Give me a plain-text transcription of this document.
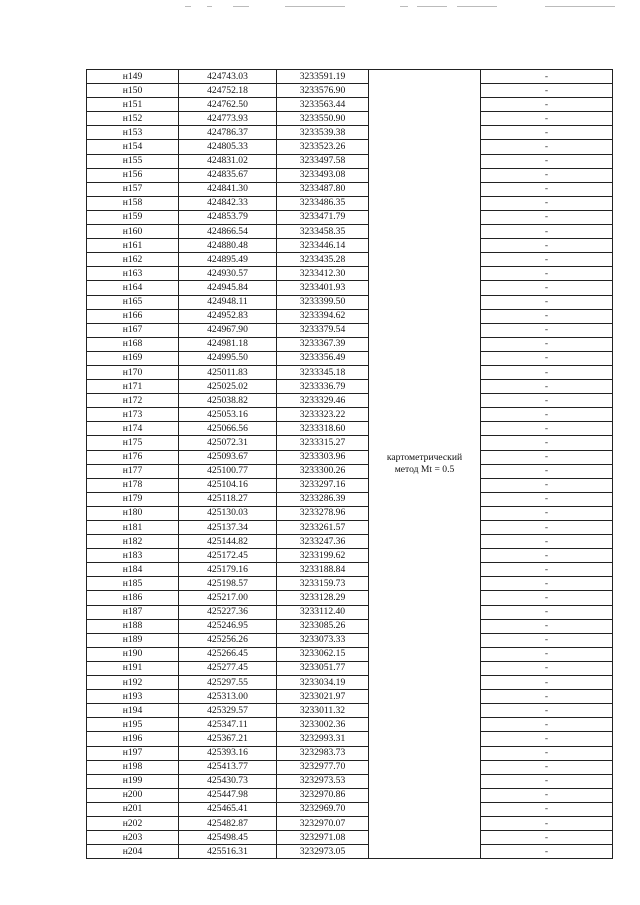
н149	424743.03	3233591.19	картометрический
метод Mt = 0.5	-
н150	424752.18	3233576.90		-
н151	424762.50	3233563.44		-
н152	424773.93	3233550.90		-
н153	424786.37	3233539.38		-
н154	424805.33	3233523.26		-
н155	424831.02	3233497.58		-
н156	424835.67	3233493.08		-
н157	424841.30	3233487.80		-
н158	424842.33	3233486.35		-
н159	424853.79	3233471.79		-
н160	424866.54	3233458.35		-
н161	424880.48	3233446.14		-
н162	424895.49	3233435.28		-
н163	424930.57	3233412.30		-
н164	424945.84	3233401.93		-
н165	424948.11	3233399.50		-
н166	424952.83	3233394.62		-
н167	424967.90	3233379.54		-
н168	424981.18	3233367.39		-
н169	424995.50	3233356.49		-
н170	425011.83	3233345.18		-
н171	425025.02	3233336.79		-
н172	425038.82	3233329.46		-
н173	425053.16	3233323.22		-
н174	425066.56	3233318.60		-
н175	425072.31	3233315.27		-
н176	425093.67	3233303.96		-
н177	425100.77	3233300.26		-
н178	425104.16	3233297.16		-
н179	425118.27	3233286.39		-
н180	425130.03	3233278.96		-
н181	425137.34	3233261.57		-
н182	425144.82	3233247.36		-
н183	425172.45	3233199.62		-
н184	425179.16	3233188.84		-
н185	425198.57	3233159.73		-
н186	425217.00	3233128.29		-
н187	425227.36	3233112.40		-
н188	425246.95	3233085.26		-
н189	425256.26	3233073.33		-
н190	425266.45	3233062.15		-
н191	425277.45	3233051.77		-
н192	425297.55	3233034.19		-
н193	425313.00	3233021.97		-
н194	425329.57	3233011.32		-
н195	425347.11	3233002.36		-
н196	425367.21	3232993.31		-
н197	425393.16	3232983.73		-
н198	425413.77	3232977.70		-
н199	425430.73	3232973.53		-
н200	425447.98	3232970.86		-
н201	425465.41	3232969.70		-
н202	425482.87	3232970.07		-
н203	425498.45	3232971.08		-
н204	425516.31	3232973.05		-
